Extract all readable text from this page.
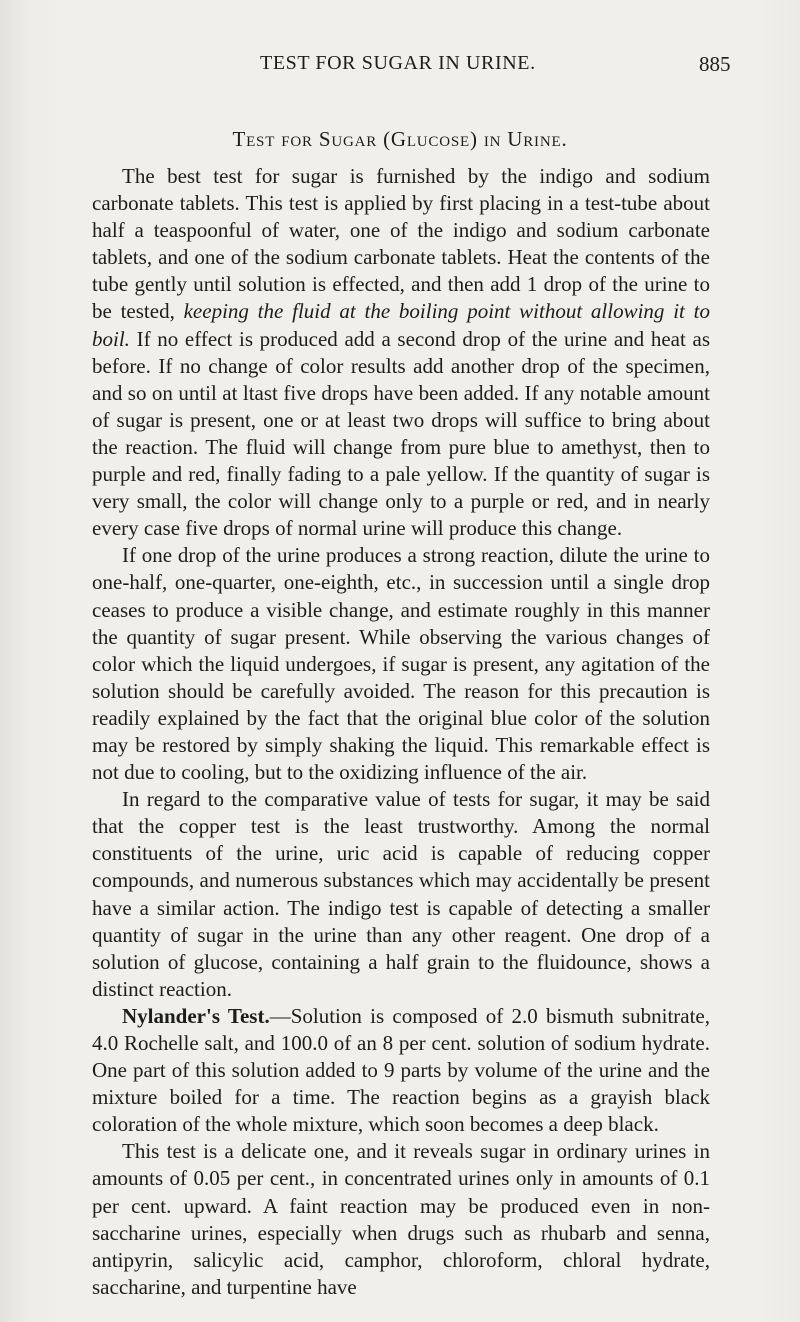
TEST FOR SUGAR IN URINE.	885
Test for Sugar (Glucose) in Urine.

The best test for sugar is furnished by the indigo and sodium carbonate tablets. This test is applied by first placing in a test-tube about half a teaspoonful of water, one of the indigo and sodium carbonate tablets, and one of the sodium carbonate tablets. Heat the contents of the tube gently until solution is effected, and then add 1 drop of the urine to be tested, keeping the fluid at the boiling point without allowing it to boil. If no effect is produced add a second drop of the urine and heat as before. If no change of color results add another drop of the specimen, and so on until at ltast five drops have been added. If any notable amount of sugar is present, one or at least two drops will suffice to bring about the reaction. The fluid will change from pure blue to amethyst, then to purple and red, finally fading to a pale yellow. If the quantity of sugar is very small, the color will change only to a purple or red, and in nearly every case five drops of normal urine will produce this change.

If one drop of the urine produces a strong reaction, dilute the urine to one-half, one-quarter, one-eighth, etc., in succession until a single drop ceases to produce a visible change, and estimate roughly in this manner the quantity of sugar present. While observing the various changes of color which the liquid undergoes, if sugar is present, any agitation of the solution should be carefully avoided. The reason for this precaution is readily explained by the fact that the original blue color of the solution may be restored by simply shaking the liquid. This remarkable effect is not due to cooling, but to the oxidizing influence of the air.

In regard to the comparative value of tests for sugar, it may be said that the copper test is the least trustworthy. Among the normal constituents of the urine, uric acid is capable of reducing copper compounds, and numerous substances which may accidentally be present have a similar action. The indigo test is capable of detecting a smaller quantity of sugar in the urine than any other reagent. One drop of a solution of glucose, containing a half grain to the fluidounce, shows a distinct reaction.

Nylander's Test.—Solution is composed of 2.0 bismuth subnitrate, 4.0 Rochelle salt, and 100.0 of an 8 per cent. solution of sodium hydrate. One part of this solution added to 9 parts by volume of the urine and the mixture boiled for a time. The reaction begins as a grayish black coloration of the whole mixture, which soon becomes a deep black.

This test is a delicate one, and it reveals sugar in ordinary urines in amounts of 0.05 per cent., in concentrated urines only in amounts of 0.1 per cent. upward. A faint reaction may be produced even in non-saccharine urines, especially when drugs such as rhubarb and senna, antipyrin, salicylic acid, camphor, chloroform, chloral hydrate, saccharine, and turpentine have
